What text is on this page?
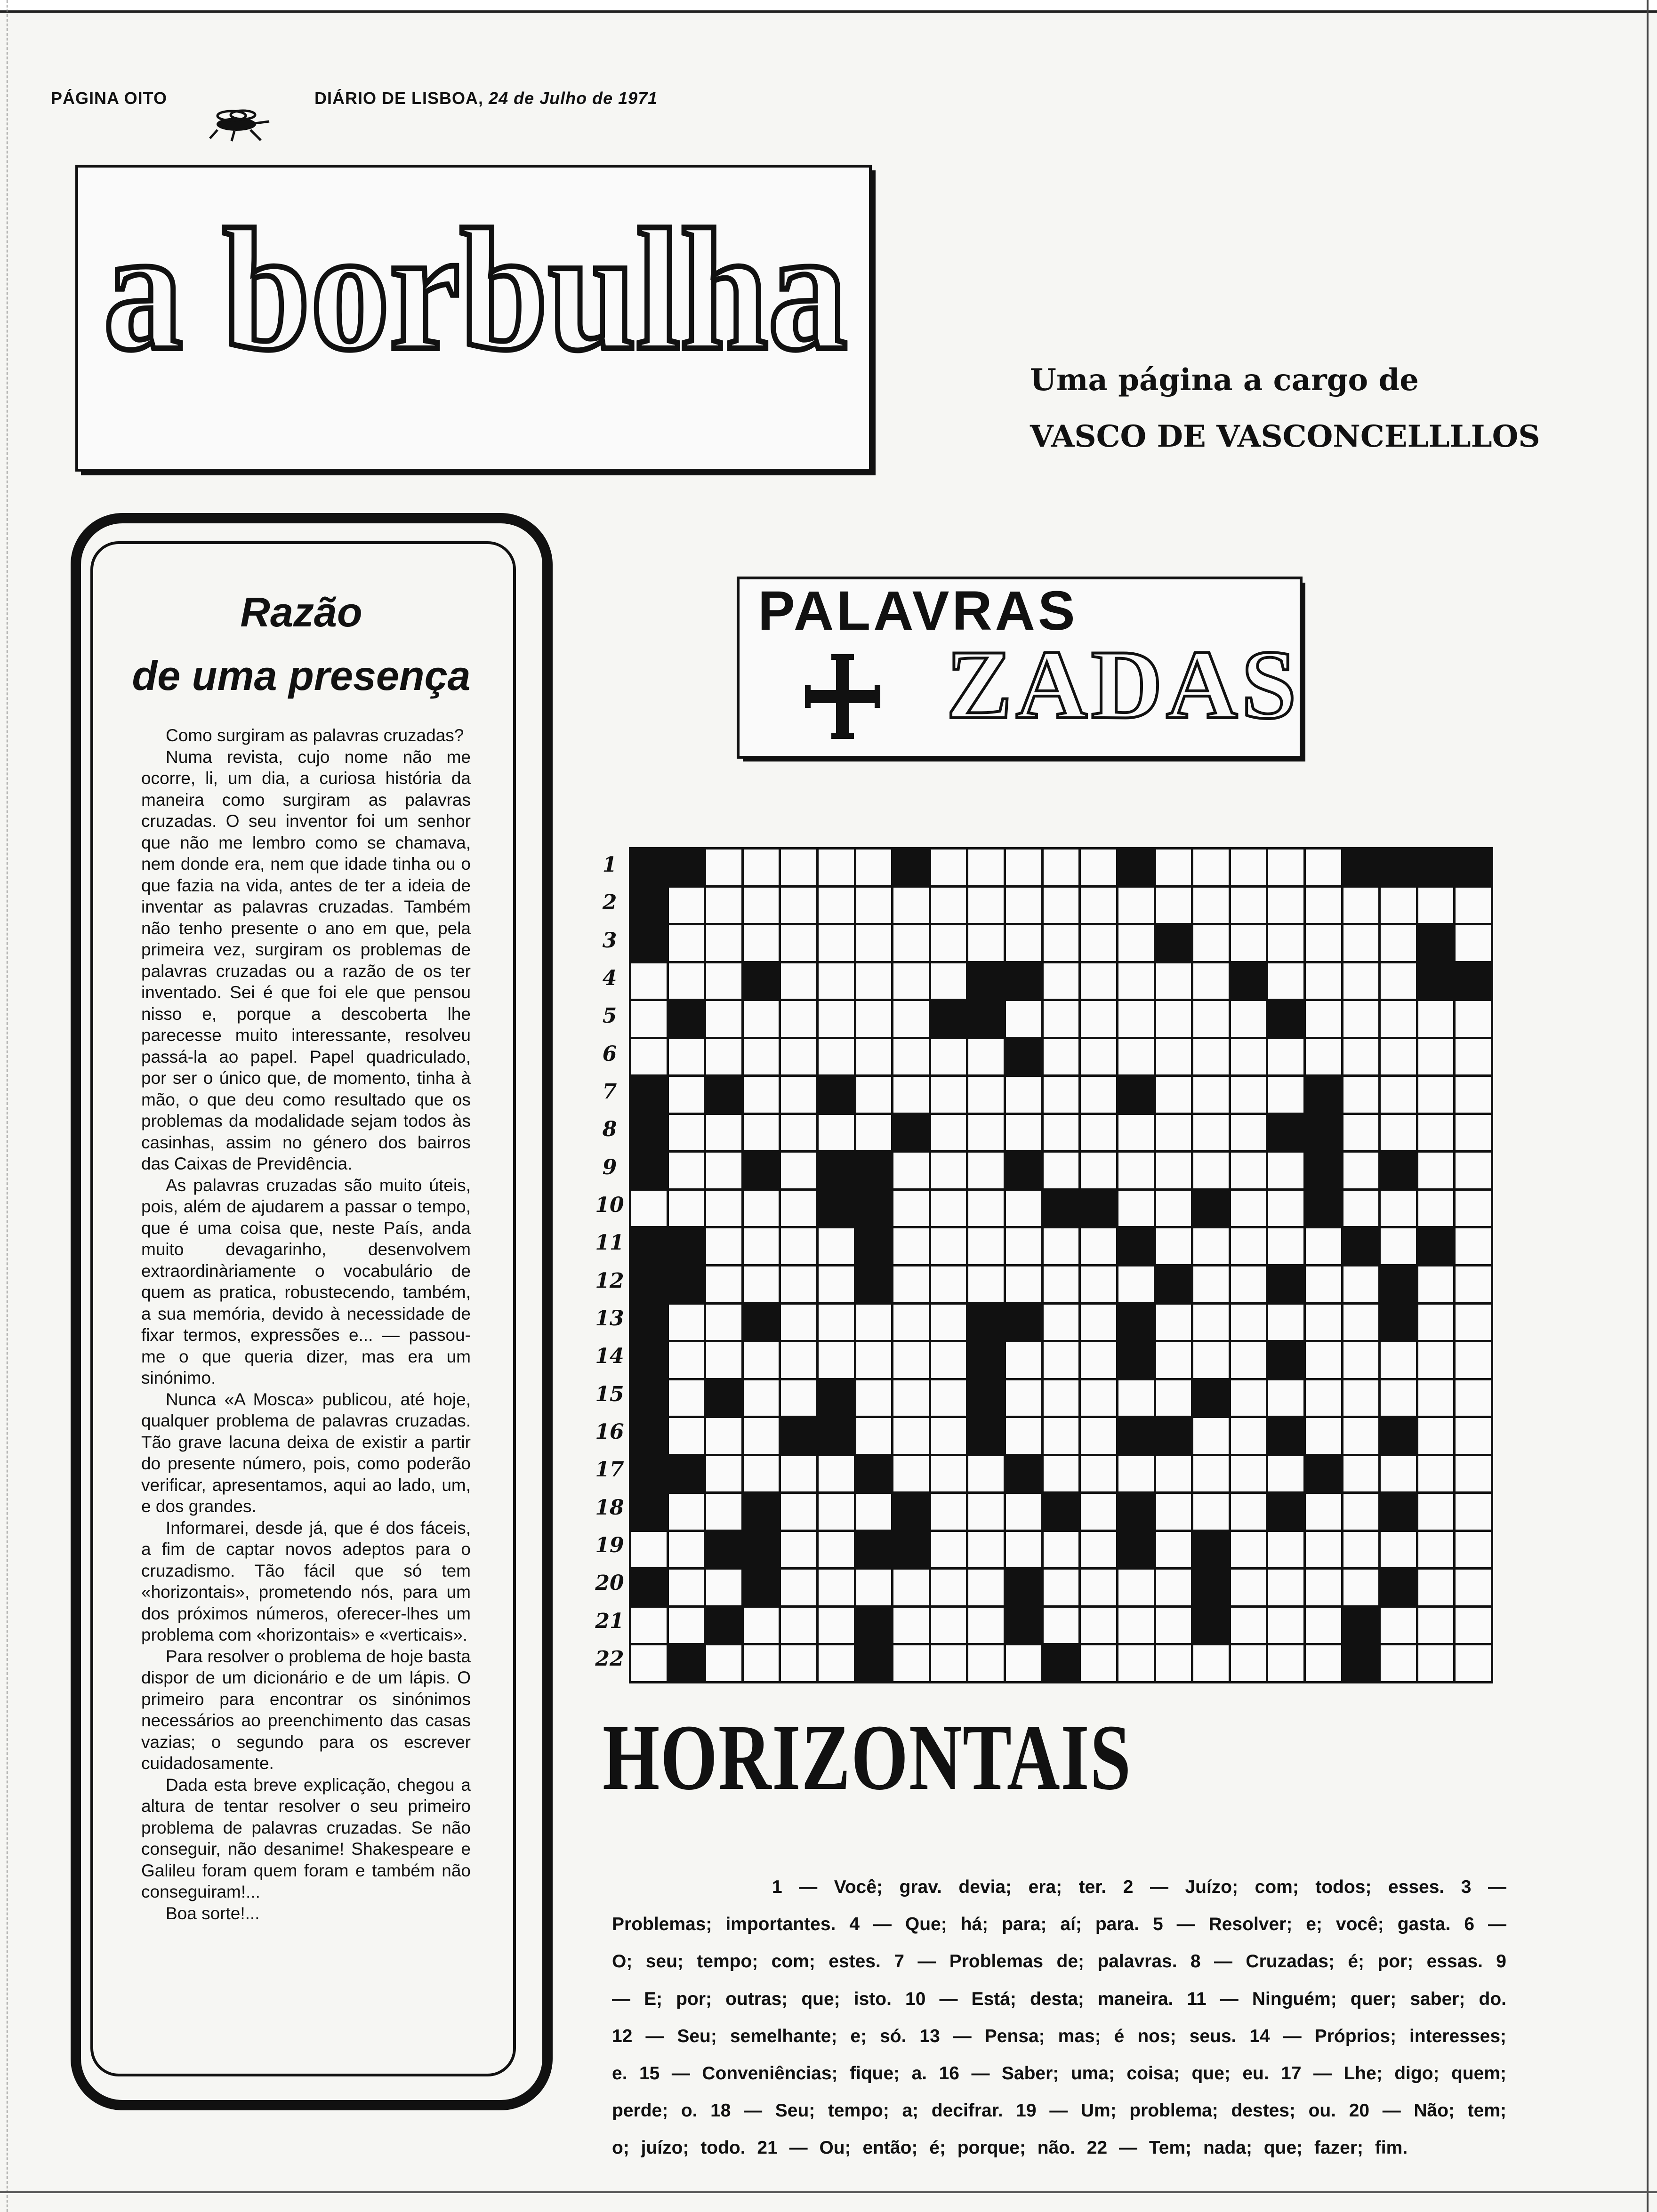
PÁGINA OITO	DIÁRIO DE LISBOA, 24 de Julho de 1971
a borbulha	Uma página a cargo de
VASCO DE VASCONCELLLLOS
Razão
de uma presença

Como surgiram as palavras cruzadas?

Numa revista, cujo nome não me ocorre, li, um dia, a curiosa história da maneira como surgiram as palavras cruzadas. O seu inventor foi um senhor que não me lembro como se chamava, nem donde era, nem que idade tinha ou o que fazia na vida, antes de ter a ideia de inventar as palavras cruzadas. Também não tenho presente o ano em que, pela primeira vez, surgiram os problemas de palavras cruzadas ou a razão de os ter inventado. Sei é que foi ele que pensou nisso e, porque a descoberta lhe parecesse muito interessante, resolveu passá-la ao papel. Papel quadriculado, por ser o único que, de momento, tinha à mão, o que deu como resultado que os problemas da modalidade sejam todos às casinhas, assim no género dos bairros das Caixas de Previdência.

As palavras cruzadas são muito úteis, pois, além de ajudarem a passar o tempo, que é uma coisa que, neste País, anda muito devagarinho, desenvolvem extraordinàriamente o vocabulário de quem as pratica, robustecendo, também, a sua memória, devido à necessidade de fixar termos, expressões e... — passou-me o que queria dizer, mas era um sinónimo.

Nunca «A Mosca» publicou, até hoje, qualquer problema de palavras cruzadas. Tão grave lacuna deixa de existir a partir do presente número, pois, como poderão verificar, apresentamos, aqui ao lado, um, e dos grandes.

Informarei, desde já, que é dos fáceis, a fim de captar novos adeptos para o cruzadismo. Tão fácil que só tem «horizontais», prometendo nós, para um dos próximos números, oferecer-lhes um problema com «horizontais» e «verticais».

Para resolver o problema de hoje basta dispor de um dicionário e de um lápis. O primeiro para encontrar os sinónimos necessários ao preenchimento das casas vazias; o segundo para os escrever cuidadosamente.

Dada esta breve explicação, chegou a altura de tentar resolver o seu primeiro problema de palavras cruzadas. Se não conseguir, não desanime! Shakespeare e Galileu foram quem foram e também não conseguiram!...

Boa sorte!...

PALAVRAS
ZADAS
1
2
3
4
5
6
7
8
9
10
11
12
13
14
15
16
17
18
19
20
21
22
HORIZONTAIS
1 — Você; grav. devia; era; ter. 2 — Juízo; com; todos; esses. 3 — Problemas; importantes. 4 — Que; há; para; aí; para. 5 — Resolver; e; você; gasta. 6 — O; seu; tempo; com; estes. 7 — Problemas de; palavras. 8 — Cruzadas; é; por; essas. 9 — E; por; outras; que; isto. 10 — Está; desta; maneira. 11 — Ninguém; quer; saber; do. 12 — Seu; semelhante; e; só. 13 — Pensa; mas; é nos; seus. 14 — Próprios; interesses; e. 15 — Conveniências; fique; a. 16 — Saber; uma; coisa; que; eu. 17 — Lhe; digo; quem; perde; o. 18 — Seu; tempo; a; decifrar. 19 — Um; problema; destes; ou. 20 — Não; tem; o; juízo; todo. 21 — Ou; então; é; porque; não. 22 — Tem; nada; que; fazer; fim.
